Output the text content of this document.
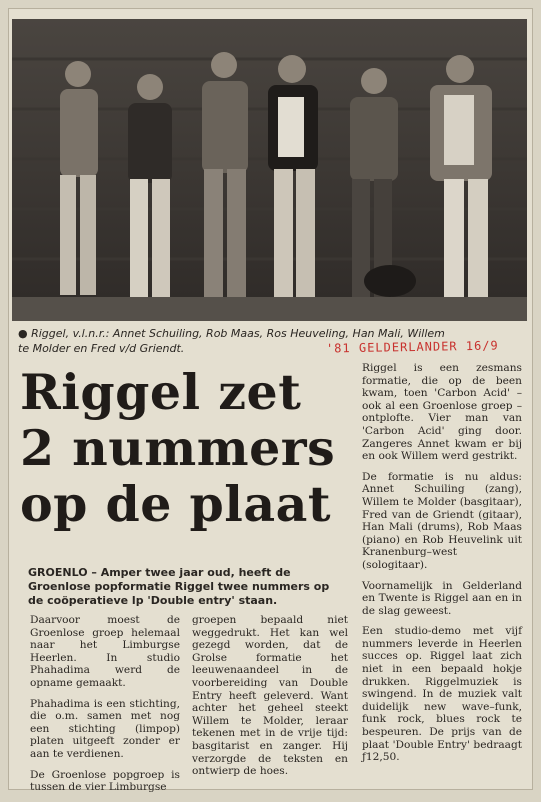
● Riggel, v.l.n.r.: Annet Schuiling, Rob Maas, Ros Heuveling, Han Mali, Willem te Molder en Fred v/d Griendt.	'81 GELDERLANDER 16/9
Riggel zet
2 nummers
op de plaat
GROENLO – Amper twee jaar oud, heeft de Groenlose popformatie Riggel twee nummers op de coöperatieve lp 'Double entry' staan.

Daarvoor moest de Groenlose groep helemaal naar het Limburgse Heerlen. In studio Phahadima werd de opname gemaakt.

Phahadima is een stichting, die o.m. samen met nog een stichting (limpop) platen uitgeeft zonder er aan te verdienen.

De Groenlose popgroep is tussen de vier Limburgse

groepen bepaald niet weggedrukt. Het kan wel gezegd worden, dat de Grolse formatie het leeuwenaandeel in de voorbereiding van Double Entry heeft geleverd. Want achter het geheel steekt Willem te Molder, leraar tekenen met in de vrije tijd: basgitarist en zanger. Hij verzorgde de teksten en ontwierp de hoes.

Riggel is een zesmans formatie, die op de been kwam, toen 'Carbon Acid' – ook al een Groenlose groep – ontplofte. Vier man van 'Carbon Acid' ging door. Zangeres Annet kwam er bij en ook Willem werd gestrikt.

De formatie is nu aldus: Annet Schuiling (zang), Willem te Molder (basgitaar), Fred van de Griendt (gitaar), Han Mali (drums), Rob Maas (piano) en Rob Heuvelink uit Kranenburg–west (sologitaar).

Voornamelijk in Gelderland en Twente is Riggel aan en in de slag geweest.

Een studio-demo met vijf nummers leverde in Heerlen succes op. Riggel laat zich niet in een bepaald hokje drukken. Riggelmuziek is swingend. In de muziek valt duidelijk new wave–funk, funk rock, blues rock te bespeuren. De prijs van de plaat 'Double Entry' bedraagt ƒ12,50.
